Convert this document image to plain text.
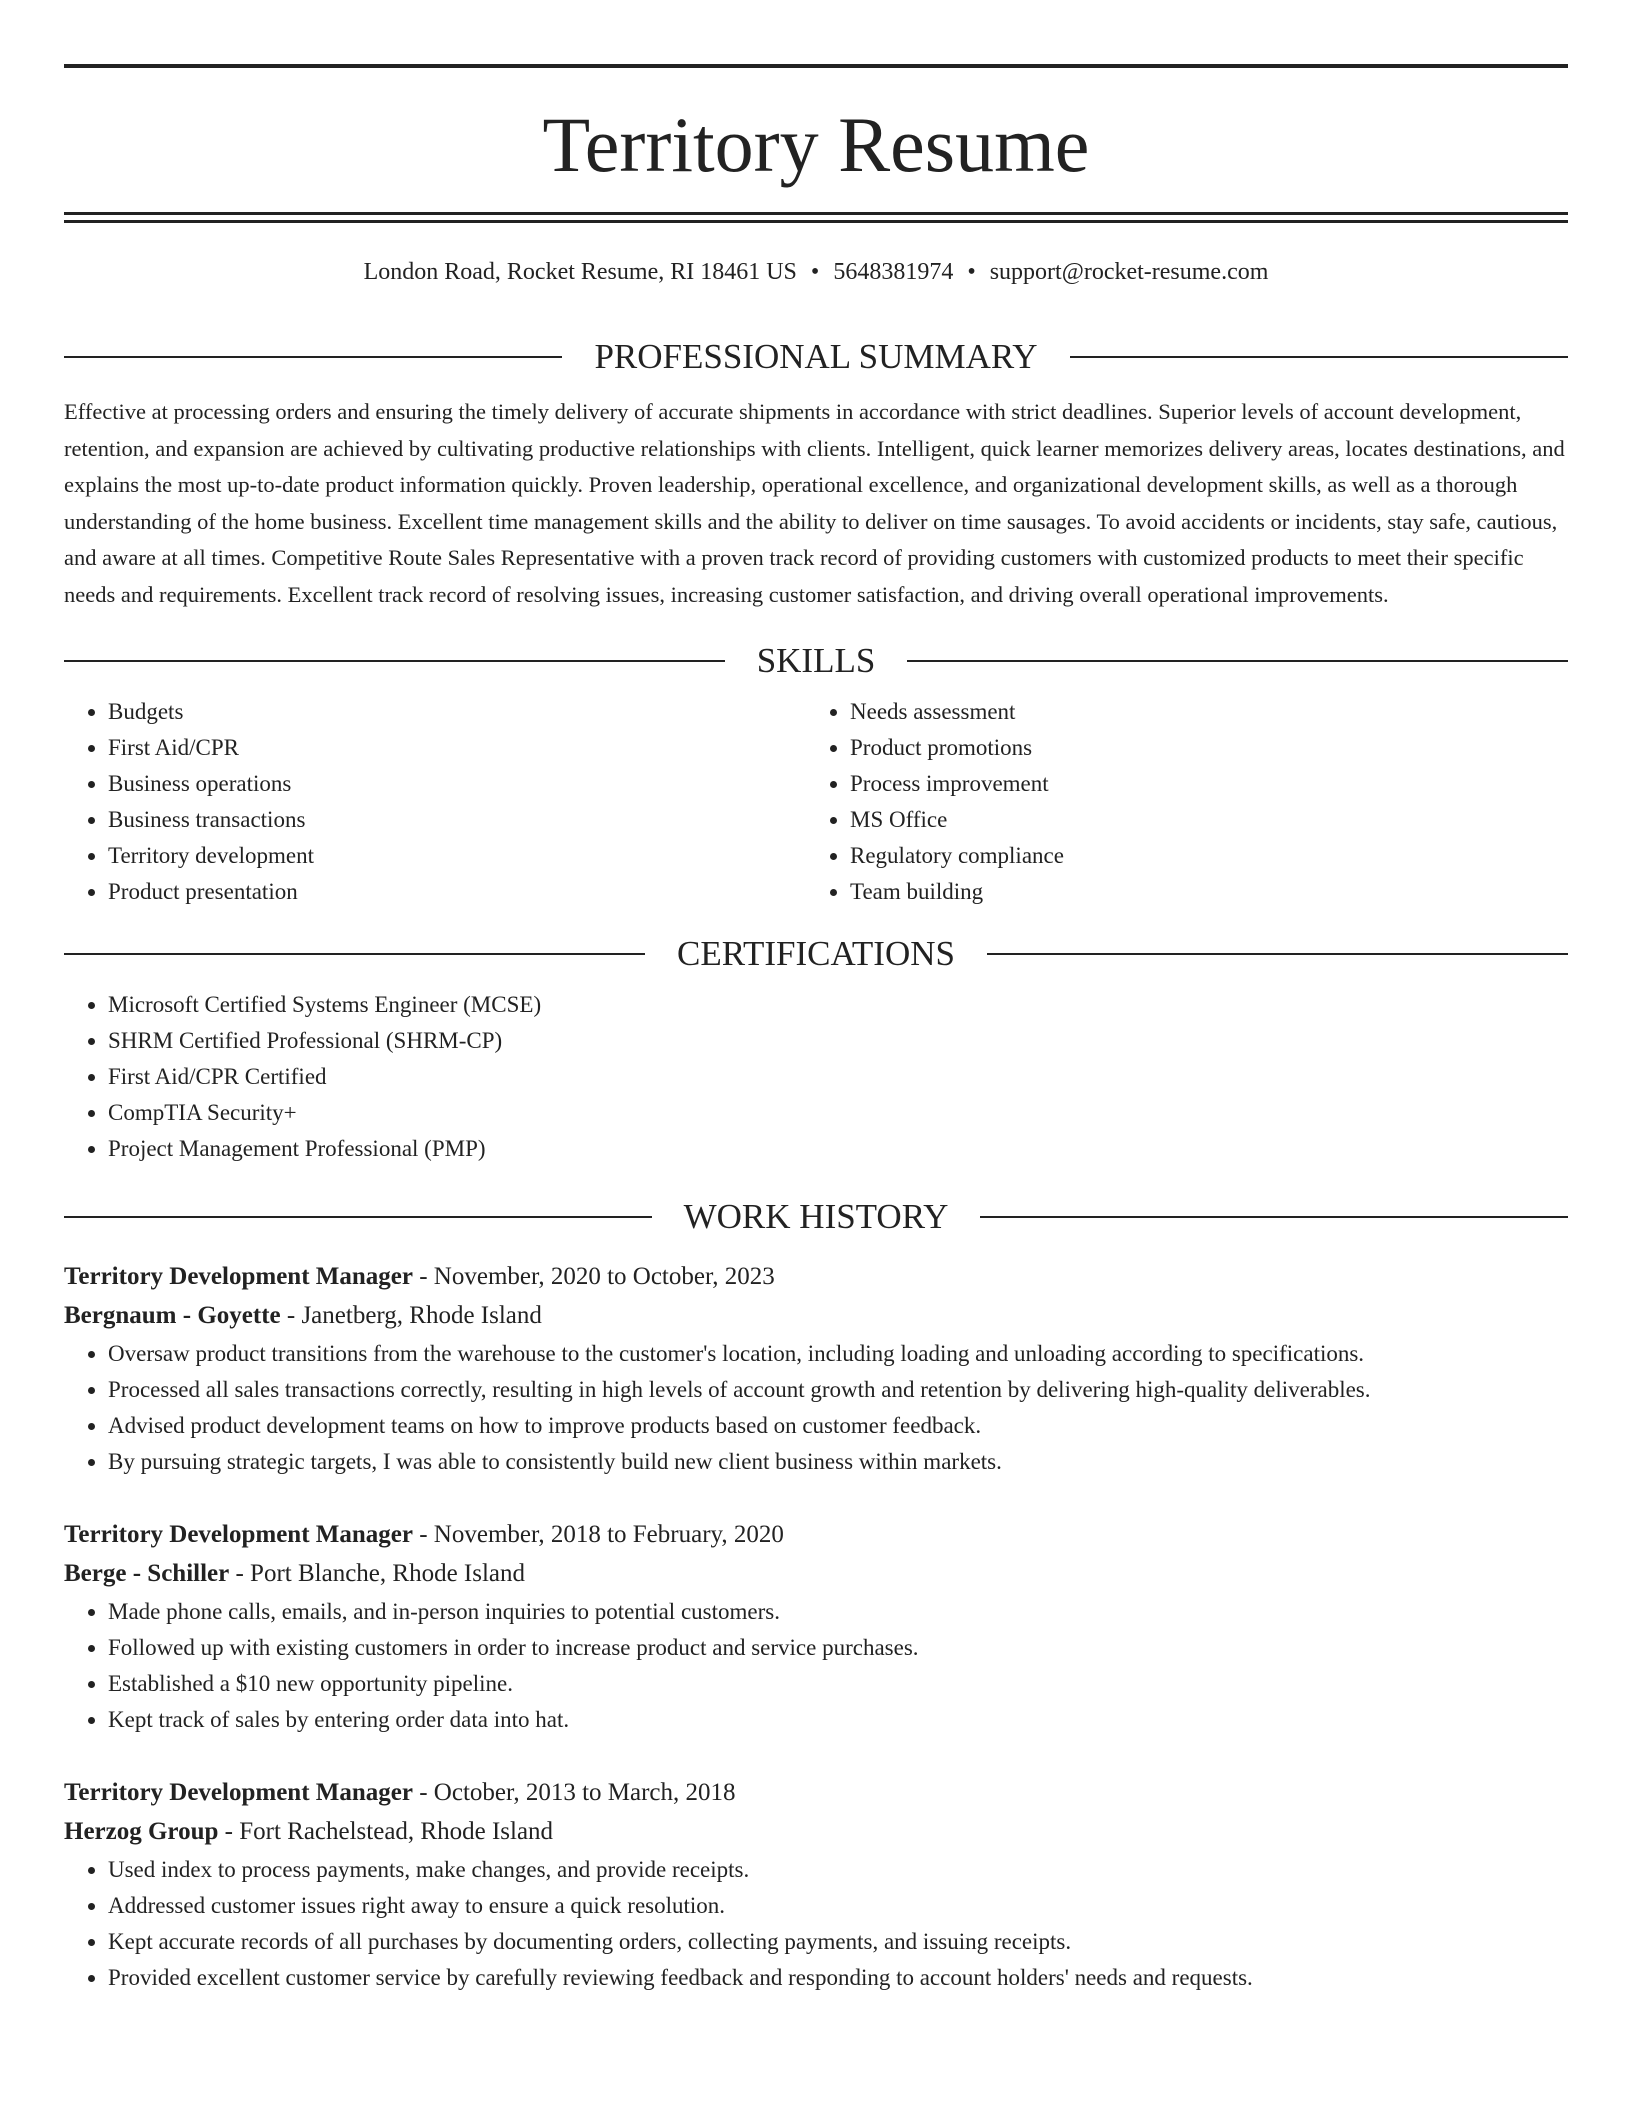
Territory Resume
London Road, Rocket Resume, RI 18461 US • 5648381974 • support@rocket-resume.com
PROFESSIONAL SUMMARY

Effective at processing orders and ensuring the timely delivery of accurate shipments in accordance with strict deadlines. Superior levels of account development, retention, and expansion are achieved by cultivating productive relationships with clients. Intelligent, quick learner memorizes delivery areas, locates destinations, and explains the most up-to-date product information quickly. Proven leadership, operational excellence, and organizational development skills, as well as a thorough understanding of the home business. Excellent time management skills and the ability to deliver on time sausages. To avoid accidents or incidents, stay safe, cautious, and aware at all times. Competitive Route Sales Representative with a proven track record of providing customers with customized products to meet their specific needs and requirements. Excellent track record of resolving issues, increasing customer satisfaction, and driving overall operational improvements.

SKILLS
• Budgets
• First Aid/CPR
• Business operations
• Business transactions
• Territory development
• Product presentation
• Needs assessment
• Product promotions
• Process improvement
• MS Office
• Regulatory compliance
• Team building
CERTIFICATIONS
• Microsoft Certified Systems Engineer (MCSE)
• SHRM Certified Professional (SHRM-CP)
• First Aid/CPR Certified
• CompTIA Security+
• Project Management Professional (PMP)
WORK HISTORY
Territory Development Manager - November, 2020 to October, 2023
Bergnaum - Goyette - Janetberg, Rhode Island
• Oversaw product transitions from the warehouse to the customer's location, including loading and unloading according to specifications.
• Processed all sales transactions correctly, resulting in high levels of account growth and retention by delivering high-quality deliverables.
• Advised product development teams on how to improve products based on customer feedback.
• By pursuing strategic targets, I was able to consistently build new client business within markets.
Territory Development Manager - November, 2018 to February, 2020
Berge - Schiller - Port Blanche, Rhode Island
• Made phone calls, emails, and in-person inquiries to potential customers.
• Followed up with existing customers in order to increase product and service purchases.
• Established a $10 new opportunity pipeline.
• Kept track of sales by entering order data into hat.
Territory Development Manager - October, 2013 to March, 2018
Herzog Group - Fort Rachelstead, Rhode Island
• Used index to process payments, make changes, and provide receipts.
• Addressed customer issues right away to ensure a quick resolution.
• Kept accurate records of all purchases by documenting orders, collecting payments, and issuing receipts.
• Provided excellent customer service by carefully reviewing feedback and responding to account holders' needs and requests.
